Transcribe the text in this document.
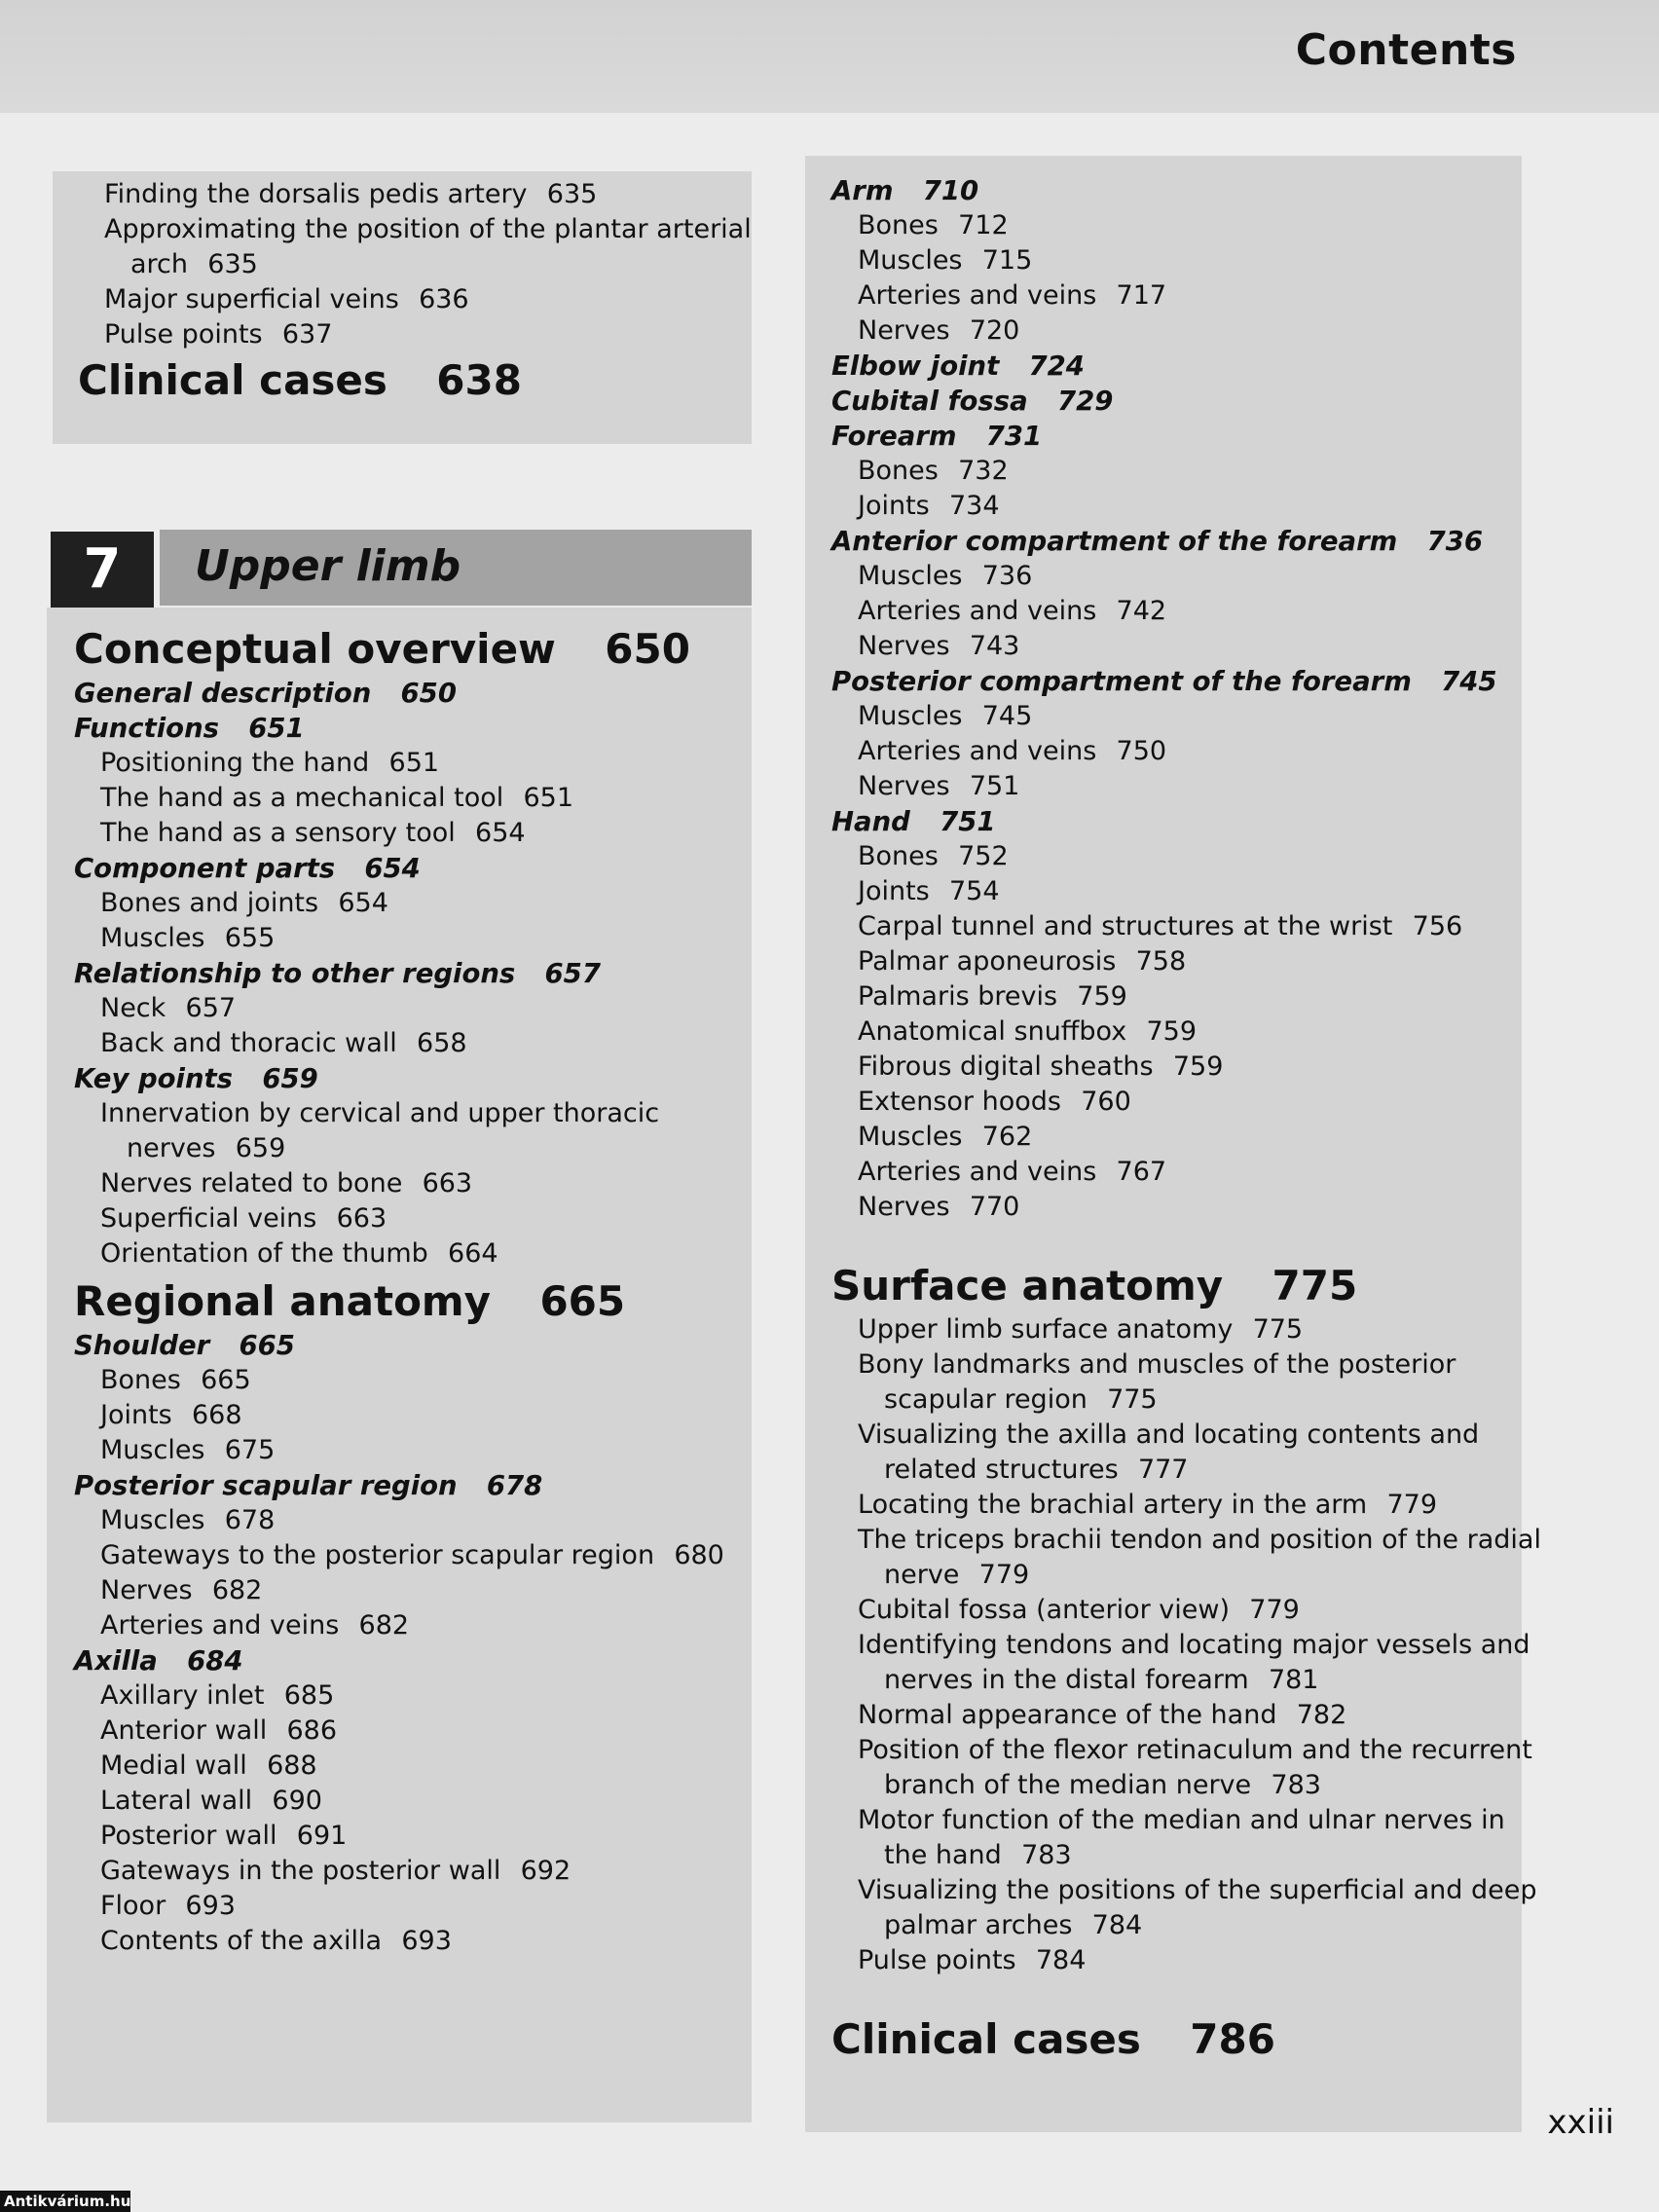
Contents
7	Upper limb
Finding the dorsalis pedis artery 635
Approximating the position of the plantar arterial
arch 635
Major superficial veins 636
Pulse points 637
Clinical cases 638
Conceptual overview 650
General description 650
Functions 651
Positioning the hand 651
The hand as a mechanical tool 651
The hand as a sensory tool 654
Component parts 654
Bones and joints 654
Muscles 655
Relationship to other regions 657
Neck 657
Back and thoracic wall 658
Key points 659
Innervation by cervical and upper thoracic
nerves 659
Nerves related to bone 663
Superficial veins 663
Orientation of the thumb 664
Regional anatomy 665
Shoulder 665
Bones 665
Joints 668
Muscles 675
Posterior scapular region 678
Muscles 678
Gateways to the posterior scapular region 680
Nerves 682
Arteries and veins 682
Axilla 684
Axillary inlet 685
Anterior wall 686
Medial wall 688
Lateral wall 690
Posterior wall 691
Gateways in the posterior wall 692
Floor 693
Contents of the axilla 693
Arm 710
Bones 712
Muscles 715
Arteries and veins 717
Nerves 720
Elbow joint 724
Cubital fossa 729
Forearm 731
Bones 732
Joints 734
Anterior compartment of the forearm 736
Muscles 736
Arteries and veins 742
Nerves 743
Posterior compartment of the forearm 745
Muscles 745
Arteries and veins 750
Nerves 751
Hand 751
Bones 752
Joints 754
Carpal tunnel and structures at the wrist 756
Palmar aponeurosis 758
Palmaris brevis 759
Anatomical snuffbox 759
Fibrous digital sheaths 759
Extensor hoods 760
Muscles 762
Arteries and veins 767
Nerves 770
Surface anatomy 775
Upper limb surface anatomy 775
Bony landmarks and muscles of the posterior
scapular region 775
Visualizing the axilla and locating contents and
related structures 777
Locating the brachial artery in the arm 779
The triceps brachii tendon and position of the radial
nerve 779
Cubital fossa (anterior view) 779
Identifying tendons and locating major vessels and
nerves in the distal forearm 781
Normal appearance of the hand 782
Position of the flexor retinaculum and the recurrent
branch of the median nerve 783
Motor function of the median and ulnar nerves in
the hand 783
Visualizing the positions of the superficial and deep
palmar arches 784
Pulse points 784
Clinical cases 786
xxiii
Antikvárium.hu
